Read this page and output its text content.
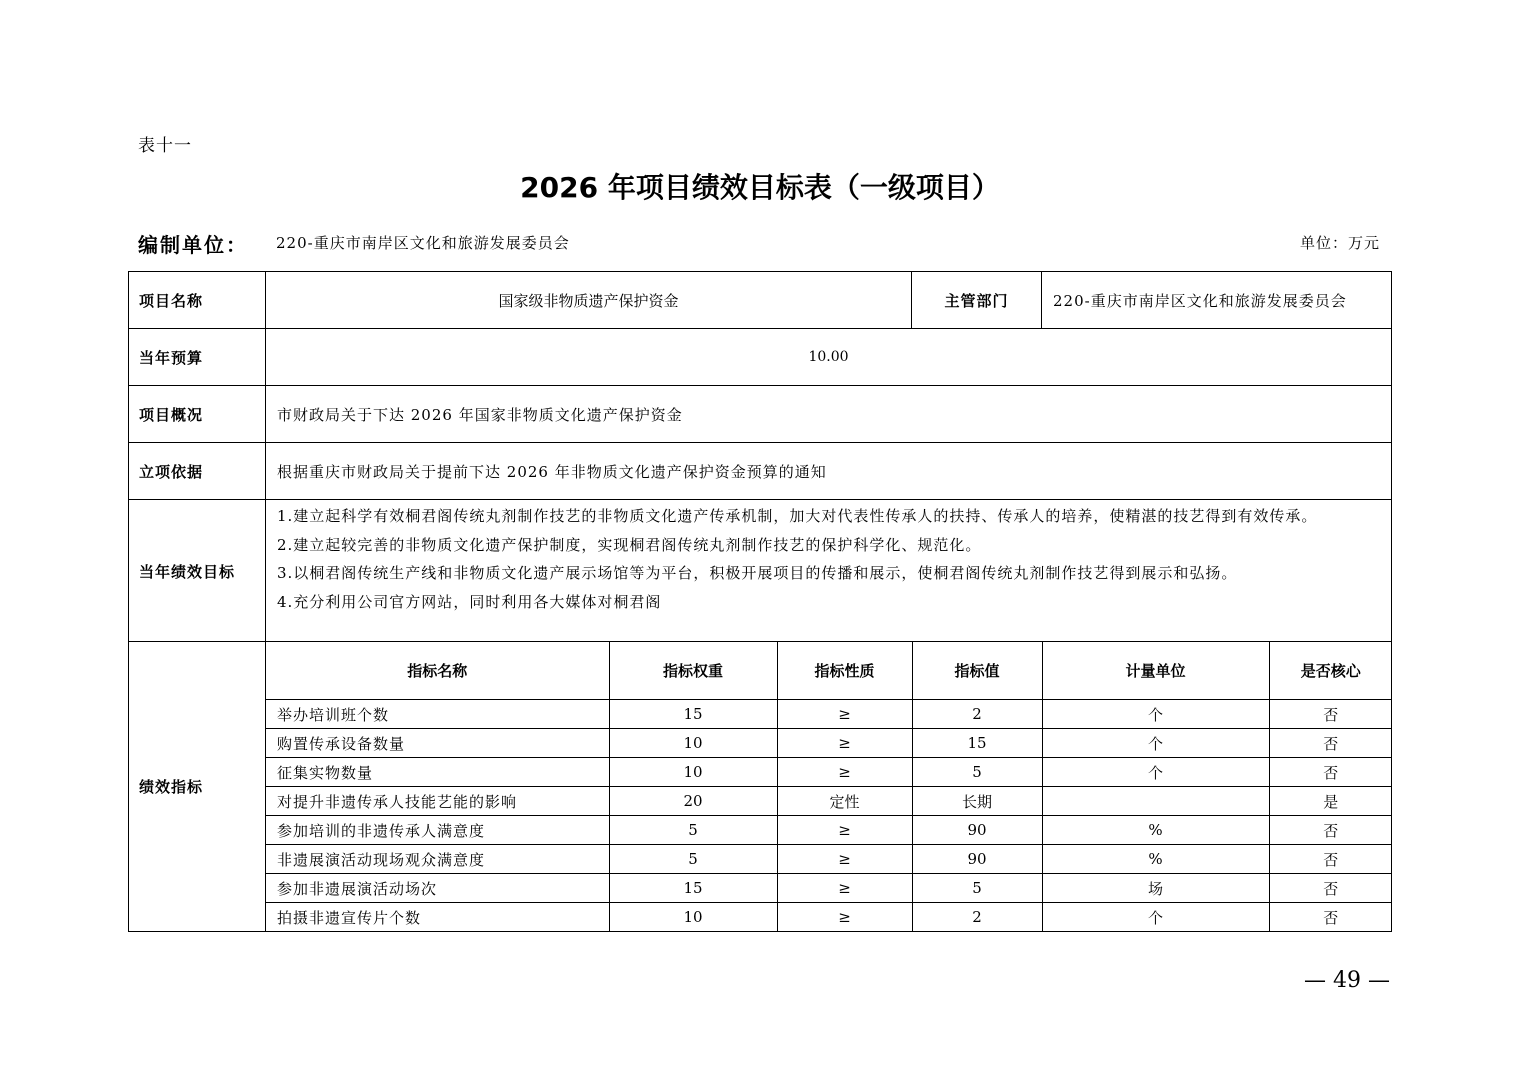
表十一
2026 年项目绩效目标表（一级项目）
编制单位： 220-重庆市南岸区文化和旅游发展委员会	单位：万元
项目名称	国家级非物质遗产保护资金	主管部门	220-重庆市南岸区文化和旅游发展委员会
当年预算	10.00
项目概况	市财政局关于下达 2026 年国家非物质文化遗产保护资金
立项依据	根据重庆市财政局关于提前下达 2026 年非物质文化遗产保护资金预算的通知
当年绩效目标	
1.建立起科学有效桐君阁传统丸剂制作技艺的非物质文化遗产传承机制，加大对代表性传承人的扶持、传承人的培养，使精湛的技艺得到有效传承。
2.建立起较完善的非物质文化遗产保护制度，实现桐君阁传统丸剂制作技艺的保护科学化、规范化。
3.以桐君阁传统生产线和非物质文化遗产展示场馆等为平台，积极开展项目的传播和展示，使桐君阁传统丸剂制作技艺得到展示和弘扬。
4.充分利用公司官方网站，同时利用各大媒体对桐君阁

绩效指标	
指标名称	指标权重	指标性质	指标值	计量单位	是否核心
举办培训班个数	15	≥	2	个	否
购置传承设备数量	10	≥	15	个	否
征集实物数量	10	≥	5	个	否
对提升非遗传承人技能艺能的影响	20	定性	长期		是
参加培训的非遗传承人满意度	5	≥	90	%	否
非遗展演活动现场观众满意度	5	≥	90	%	否
参加非遗展演活动场次	15	≥	5	场	否
拍摄非遗宣传片个数	10	≥	2	个	否
— 49 —
